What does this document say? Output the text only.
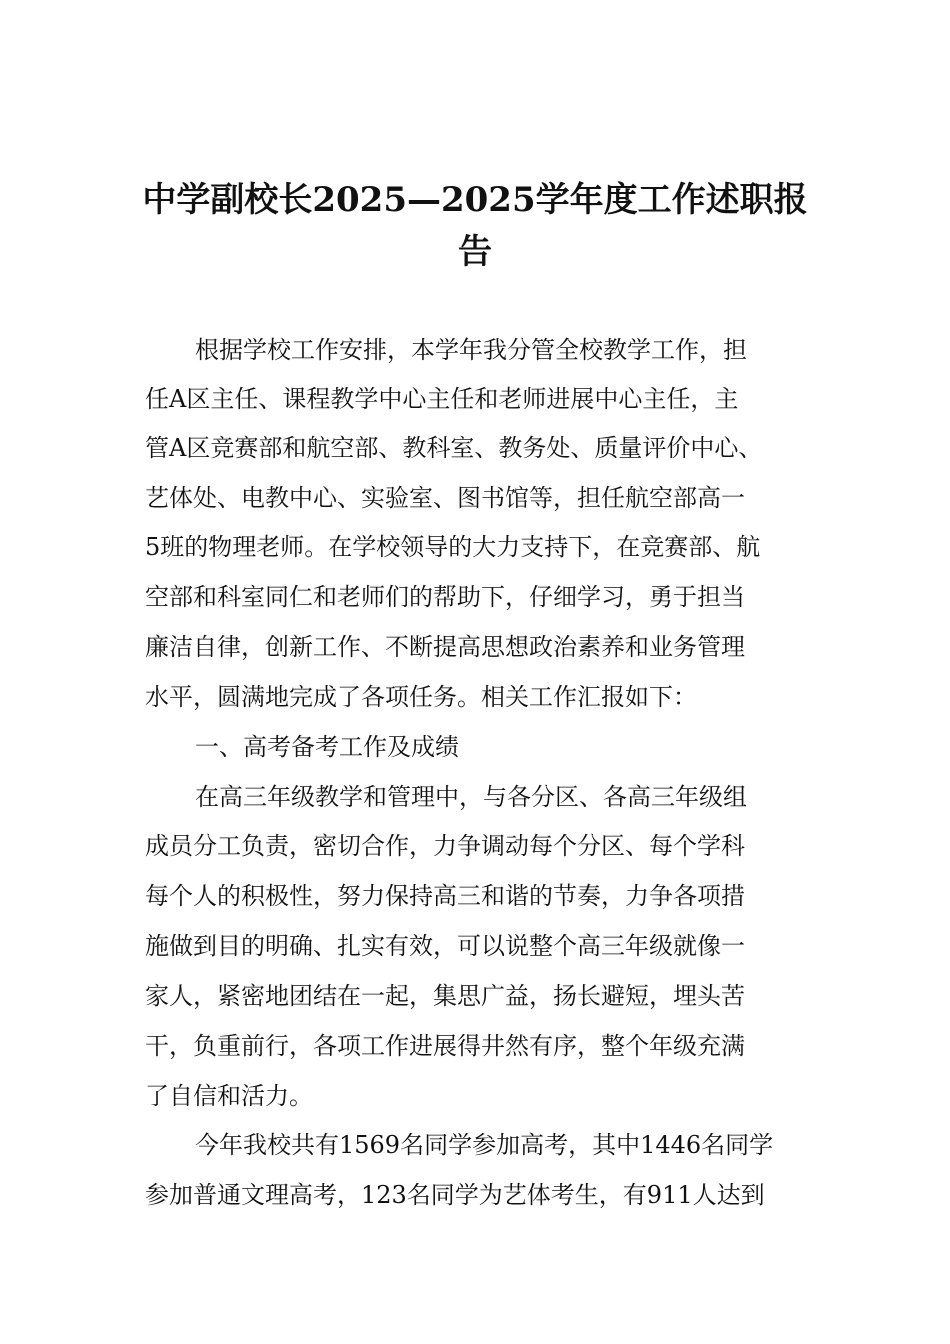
中学副校长2025—2025学年度工作述职报
告

根据学校工作安排，本学年我分管全校教学工作，担

任A区主任、课程教学中心主任和老师进展中心主任，主

管A区竞赛部和航空部、教科室、教务处、质量评价中心、

艺体处、电教中心、实验室、图书馆等，担任航空部高一

5班的物理老师。在学校领导的大力支持下，在竞赛部、航

空部和科室同仁和老师们的帮助下，仔细学习，勇于担当

廉洁自律，创新工作、不断提高思想政治素养和业务管理

水平，圆满地完成了各项任务。相关工作汇报如下：

一、高考备考工作及成绩

在高三年级教学和管理中，与各分区、各高三年级组

成员分工负责，密切合作，力争调动每个分区、每个学科

每个人的积极性，努力保持高三和谐的节奏，力争各项措

施做到目的明确、扎实有效，可以说整个高三年级就像一

家人，紧密地团结在一起，集思广益，扬长避短，埋头苦

干，负重前行，各项工作进展得井然有序，整个年级充满

了自信和活力。

今年我校共有1569名同学参加高考，其中1446名同学

参加普通文理高考，123名同学为艺体考生，有911人达到
